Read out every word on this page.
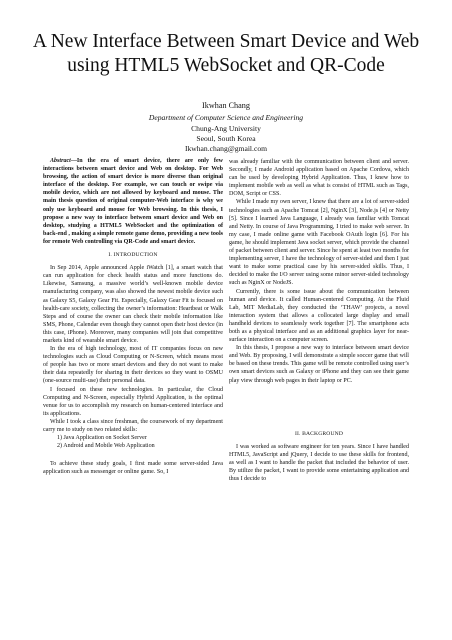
A New Interface Between Smart Device and Web using HTML5 WebSocket and QR-Code
Ikwhan Chang
Department of Computer Science and Engineering
Chung-Ang University
Seoul, South Korea
Ikwhan.chang@gmail.com

Abstract—In the era of smart device, there are only few interactions between smart device and Web on desktop. For Web browsing, the action of smart device is more diverse than original interface of the desktop. For example, we can touch or swipe via mobile device, which are not allowed by keyboard and mouse. The main thesis question of original computer-Web interface is why we only use keyboard and mouse for Web browsing. In this thesis, I propose a new way to interface between smart device and Web on desktop, studying a HTML5 WebSocket and the optimization of back-end , making a simple remote game demo, providing a new tools for remote Web controlling via QR-Code and smart device.

I. INTRODUCTION

In Sep 2014, Apple announced Apple iWatch [1], a smart watch that can run application for check health status and more functions do. Likewise, Samsung, a massive world’s well-known mobile device manufacturing company, was also showed the newest mobile device such as Galaxy S5, Galaxy Gear Fit. Especially, Galaxy Gear Fit is focused on health-care society, collecting the owner’s information: Heartbeat or Walk Steps and of course the owner can check their mobile information like SMS, Phone, Calendar even though they cannot open their host device (in this case, iPhone). Moreover, many companies will join that competitive markets kind of wearable smart device.

In the era of high technology, most of IT companies focus on new technologies such as Cloud Computing or N-Screen, which means most of people has two or more smart devices and they do not want to make their data repeatedly for sharing in their devices so they want to OSMU (one-source multi-use) their personal data.

I focused on these new technologies. In particular, the Cloud Computing and N-Screen, especially Hybrid Application, is the optimal venue for us to accomplish my research on human-centered interface and its applications.

While I took a class since freshman, the coursework of my department carry me to study on two related skills:

1) Java Application on Socket Server

2) Android and Mobile Web Application

To achieve these study goals, I first made some server-sided Java application such as messenger or online game. So, I

was already familiar with the communication between client and server. Secondly, I made Android application based on Apache Cordova, which can be used by developing Hybrid Application. Thus, I knew how to implement mobile web as well as what is consist of HTML such as Tags, DOM, Script or CSS.

While I made my own server, I knew that there are a lot of server-sided technologies such as Apache Tomcat [2], NginX [3], Node.js [4] or Netty [5]. Since I learned Java Language, I already was familiar with Tomcat and Netty. In course of Java Programming, I tried to make web server. In my case, I made online game with Facebook OAuth login [6]. For his game, he should implement Java socket server, which provide the channel of packet between client and server. Since he spent at least two months for implementing server, I have the technology of server-sided and then I just want to make some practical case by his server-sided skills. Thus, I decided to make the I/O server using some minor server-sided technology such as NginX or NodeJS.

Currently, there is some issue about the communication between human and device. It called Human-centered Computing. At the Fluid Lab, MIT MediaLab, they conducted the ‘THAW’ projects, a novel interaction system that allows a collocated large display and small handheld devices to seamlessly work together [7]. The smartphone acts both as a physical interface and as an additional graphics layer for near-surface interaction on a computer screen.

In this thesis, I propose a new way to interface between smart device and Web. By proposing, I will demonstrate a simple soccer game that will be based on these trends. This game will be remote controlled using user’s own smart devices such as Galaxy or iPhone and they can see their game play view through web pages in their laptop or PC.

II. BACKGROUND

I was worked as software engineer for ten years. Since I have handled HTML5, JavaScript and jQuery, I decide to use these skills for frontend, as well as I want to handle the packet that included the behavior of user. By utilize the packet, I want to provide some entertaining application and thus I decide to
